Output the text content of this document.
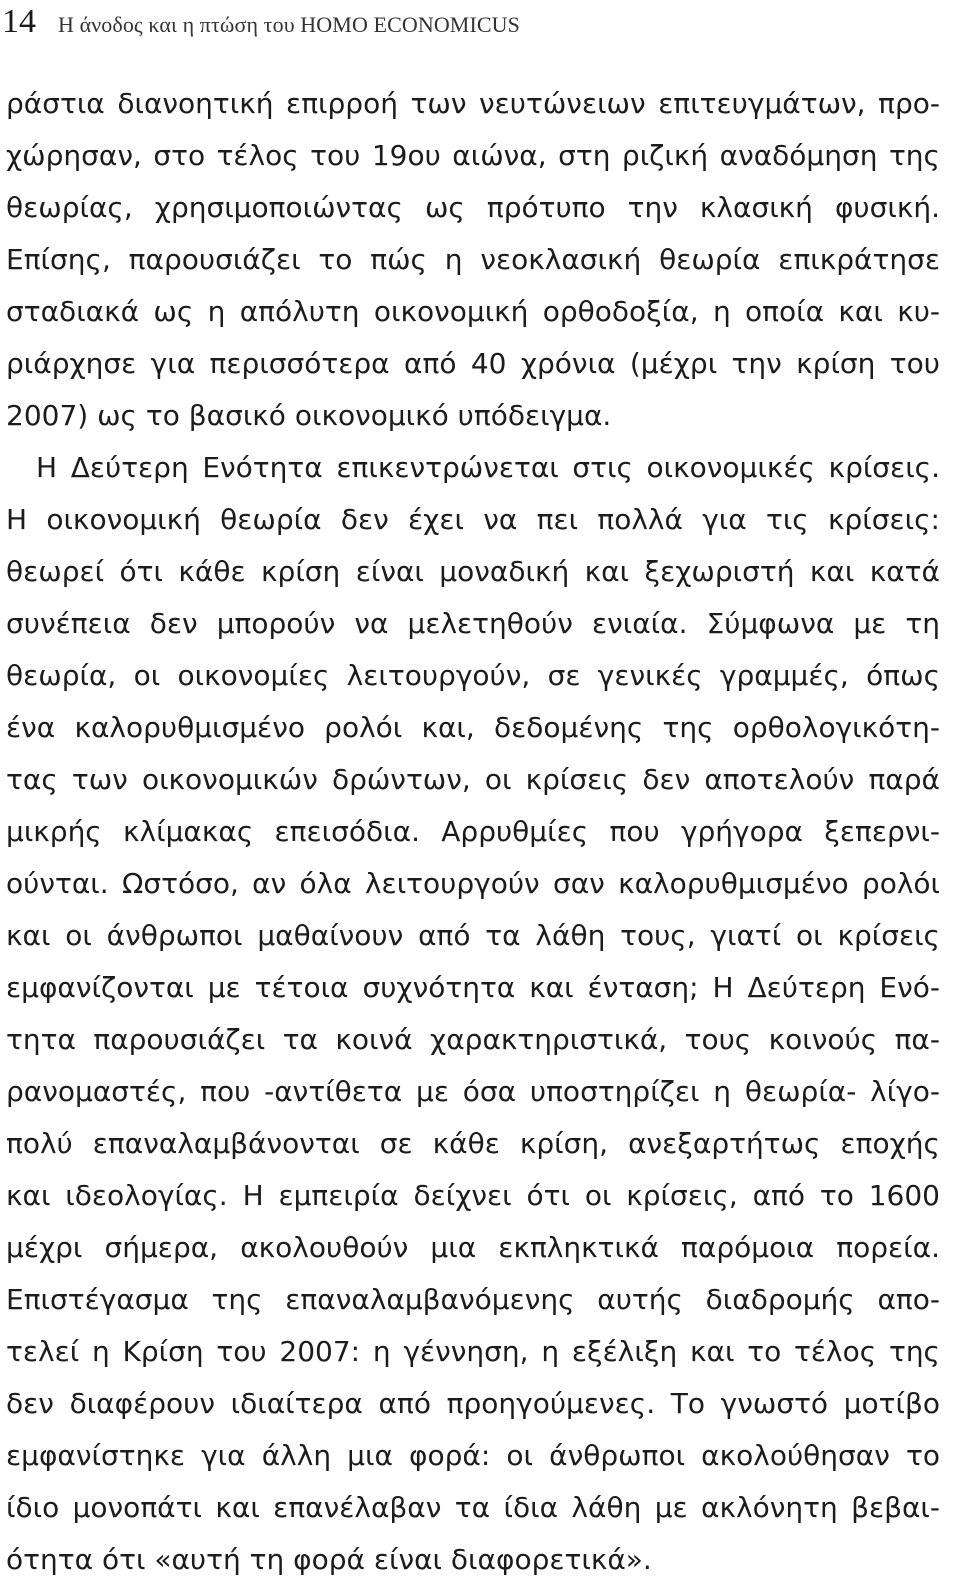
14 Η άνοδος και η πτώση του HOMO ECONOMICUS
ράστια διανοητική επιρροή των νευτώνειων επιτευγμάτων, προ-
χώρησαν, στο τέλος του 19ου αιώνα, στη ριζική αναδόμηση της
θεωρίας, χρησιμοποιώντας ως πρότυπο την κλασική φυσική.
Επίσης, παρουσιάζει το πώς η νεοκλασική θεωρία επικράτησε
σταδιακά ως η απόλυτη οικονομική ορθοδοξία, η οποία και κυ-
ριάρχησε για περισσότερα από 40 χρόνια (μέχρι την κρίση του
2007) ως το βασικό οικονομικό υπόδειγμα.
Η Δεύτερη Ενότητα επικεντρώνεται στις οικονομικές κρίσεις.
Η οικονομική θεωρία δεν έχει να πει πολλά για τις κρίσεις:
θεωρεί ότι κάθε κρίση είναι μοναδική και ξεχωριστή και κατά
συνέπεια δεν μπορούν να μελετηθούν ενιαία. Σύμφωνα με τη
θεωρία, οι οικονομίες λειτουργούν, σε γενικές γραμμές, όπως
ένα καλορυθμισμένο ρολόι και, δεδομένης της ορθολογικότη-
τας των οικονομικών δρώντων, οι κρίσεις δεν αποτελούν παρά
μικρής κλίμακας επεισόδια. Αρρυθμίες που γρήγορα ξεπερνι-
ούνται. Ωστόσο, αν όλα λειτουργούν σαν καλορυθμισμένο ρολόι
και οι άνθρωποι μαθαίνουν από τα λάθη τους, γιατί οι κρίσεις
εμφανίζονται με τέτοια συχνότητα και ένταση; Η Δεύτερη Ενό-
τητα παρουσιάζει τα κοινά χαρακτηριστικά, τους κοινούς πα-
ρανομαστές, που -αντίθετα με όσα υποστηρίζει η θεωρία- λίγο-
πολύ επαναλαμβάνονται σε κάθε κρίση, ανεξαρτήτως εποχής
και ιδεολογίας. Η εμπειρία δείχνει ότι οι κρίσεις, από το 1600
μέχρι σήμερα, ακολουθούν μια εκπληκτικά παρόμοια πορεία.
Επιστέγασμα της επαναλαμβανόμενης αυτής διαδρομής απο-
τελεί η Κρίση του 2007: η γέννηση, η εξέλιξη και το τέλος της
δεν διαφέρουν ιδιαίτερα από προηγούμενες. Το γνωστό μοτίβο
εμφανίστηκε για άλλη μια φορά: οι άνθρωποι ακολούθησαν το
ίδιο μονοπάτι και επανέλαβαν τα ίδια λάθη με ακλόνητη βεβαι-
ότητα ότι «αυτή τη φορά είναι διαφορετικά».
